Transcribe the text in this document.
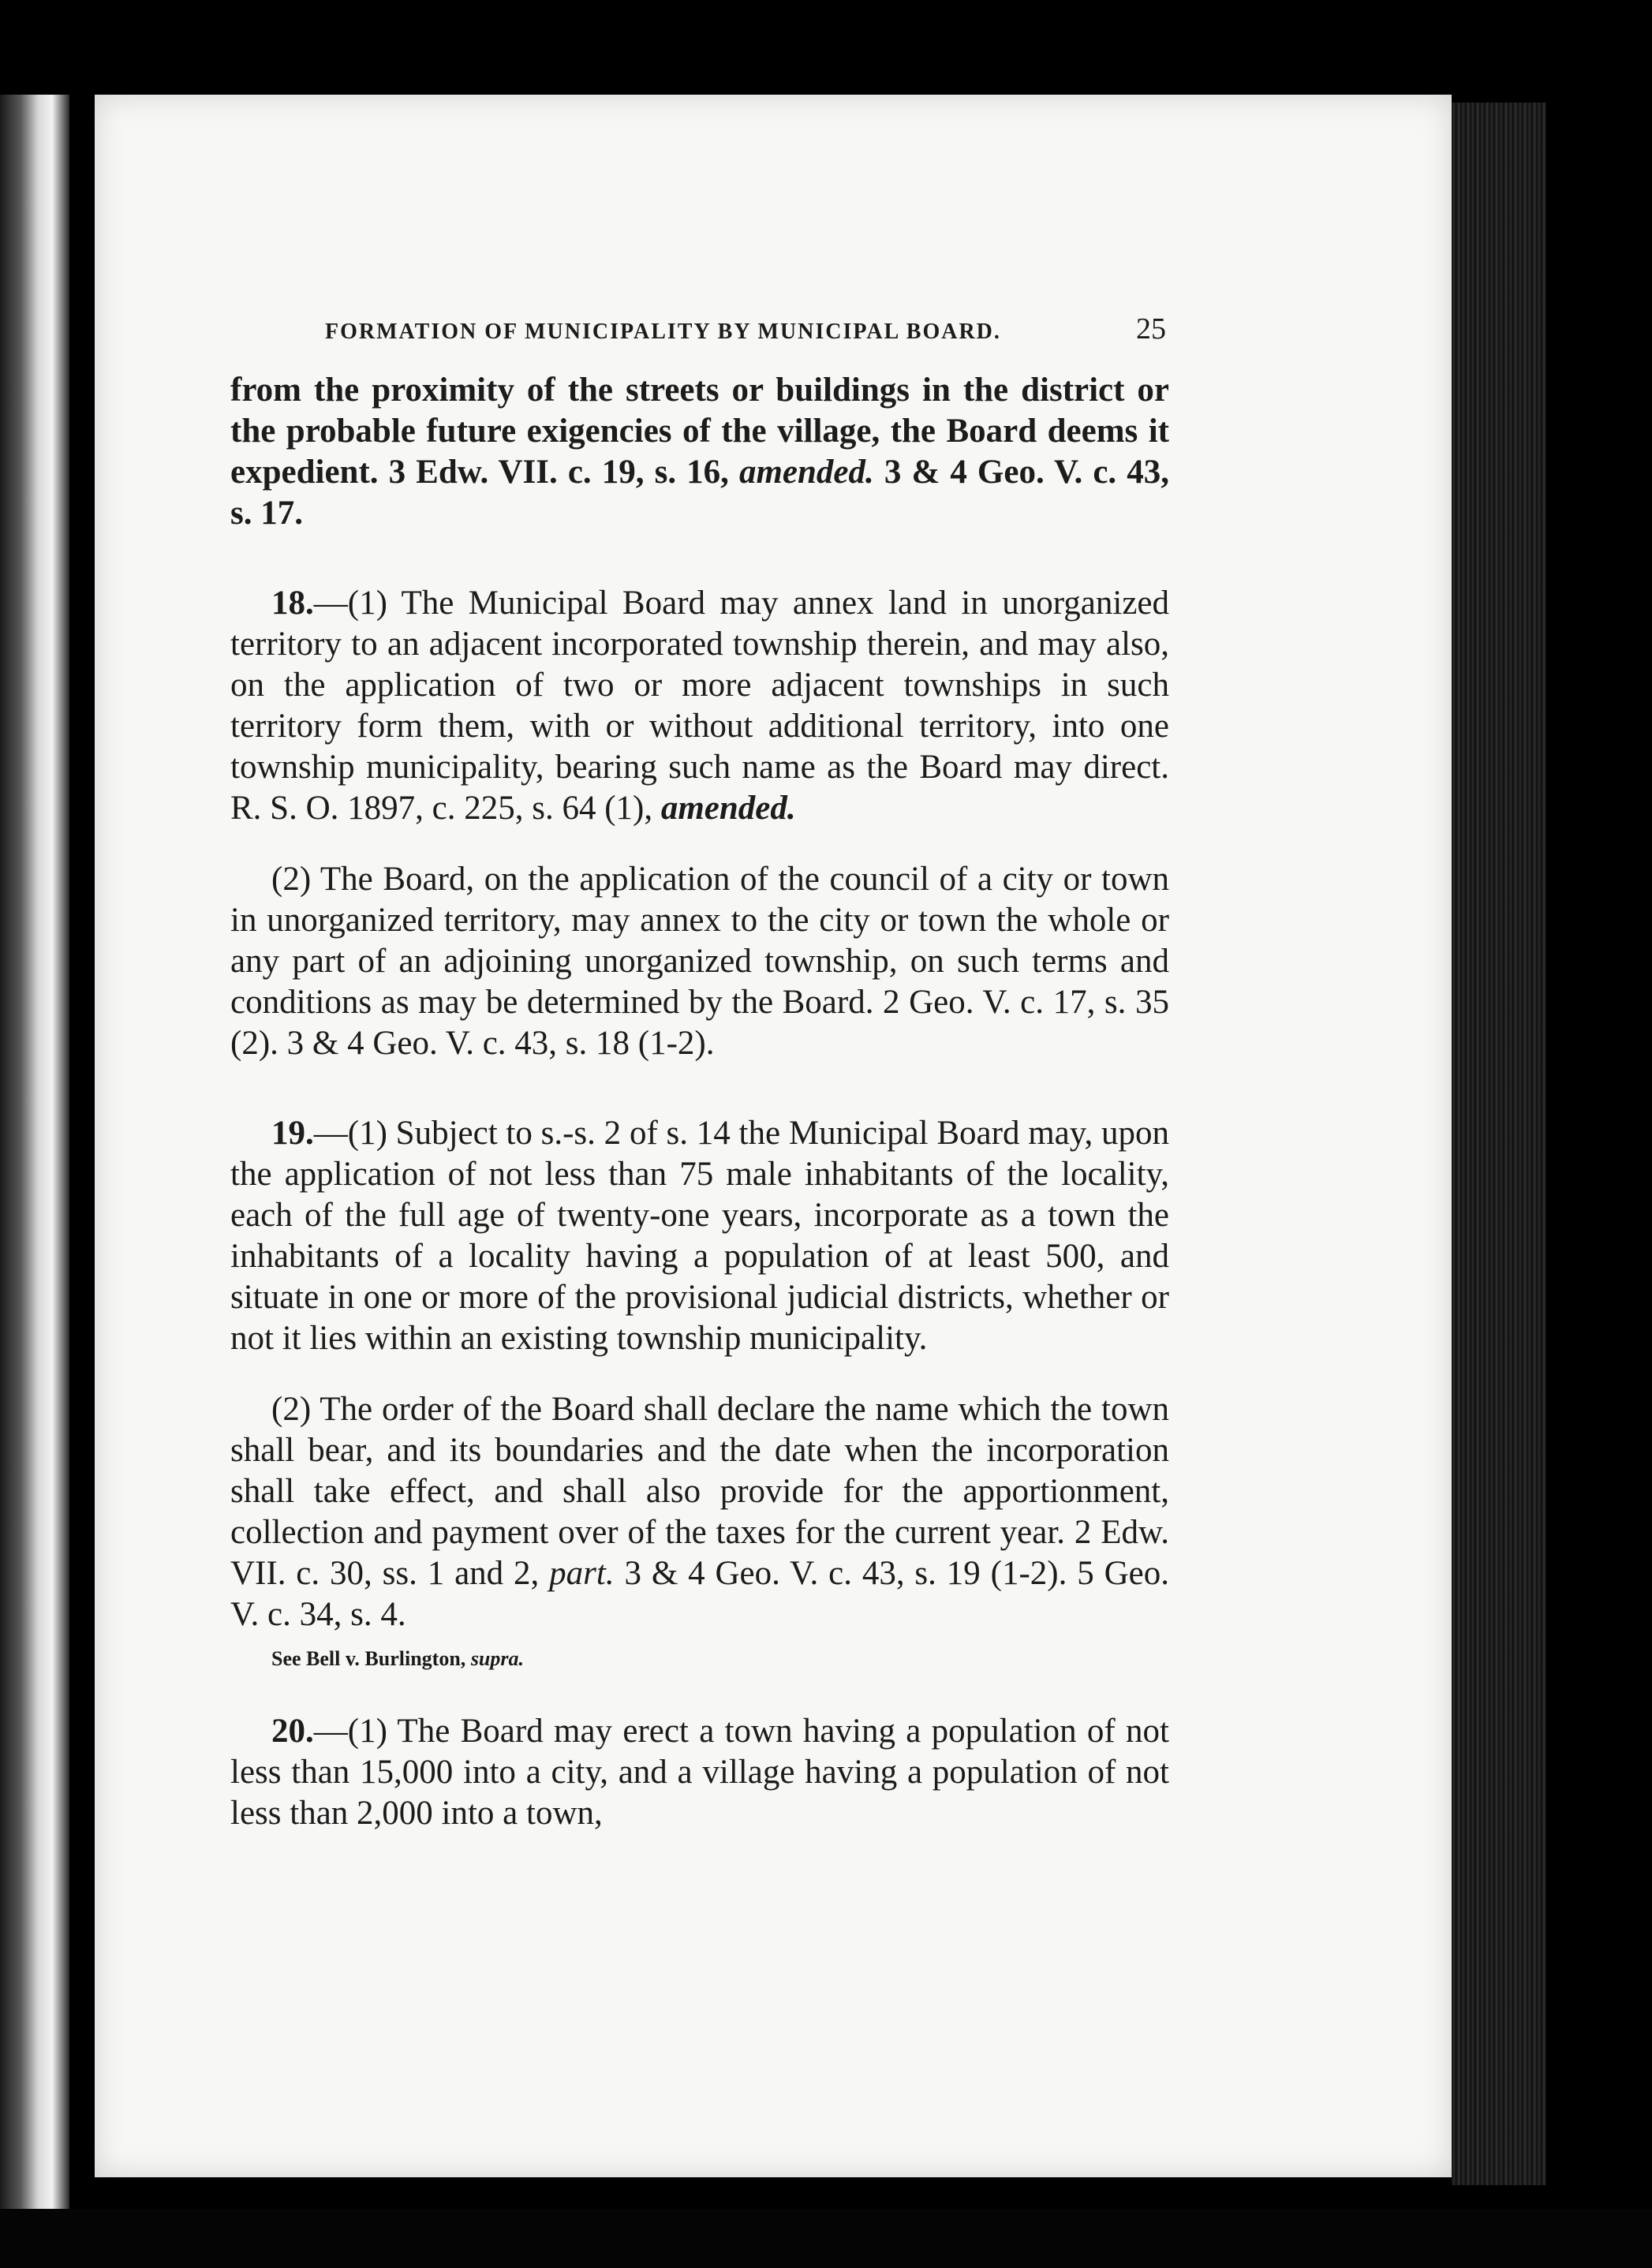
FORMATION OF MUNICIPALITY BY MUNICIPAL BOARD.	25

from the proximity of the streets or buildings in the district or the probable future exigencies of the village, the Board deems it expedient. 3 Edw. VII. c. 19, s. 16, amended. 3 & 4 Geo. V. c. 43, s. 17.

18.—(1) The Municipal Board may annex land in unorganized territory to an adjacent incorporated township therein, and may also, on the application of two or more adjacent townships in such territory form them, with or without additional territory, into one township municipality, bearing such name as the Board may direct. R. S. O. 1897, c. 225, s. 64 (1), amended.

(2) The Board, on the application of the council of a city or town in unorganized territory, may annex to the city or town the whole or any part of an adjoining unorganized township, on such terms and conditions as may be determined by the Board. 2 Geo. V. c. 17, s. 35 (2). 3 & 4 Geo. V. c. 43, s. 18 (1-2).

19.—(1) Subject to s.-s. 2 of s. 14 the Municipal Board may, upon the application of not less than 75 male inhabitants of the locality, each of the full age of twenty-one years, incorporate as a town the inhabitants of a locality having a population of at least 500, and situate in one or more of the provisional judicial districts, whether or not it lies within an existing township municipality.

(2) The order of the Board shall declare the name which the town shall bear, and its boundaries and the date when the incorporation shall take effect, and shall also provide for the apportionment, collection and payment over of the taxes for the current year. 2 Edw. VII. c. 30, ss. 1 and 2, part. 3 & 4 Geo. V. c. 43, s. 19 (1-2). 5 Geo. V. c. 34, s. 4.

See Bell v. Burlington, supra.

20.—(1) The Board may erect a town having a population of not less than 15,000 into a city, and a village having a population of not less than 2,000 into a town,
